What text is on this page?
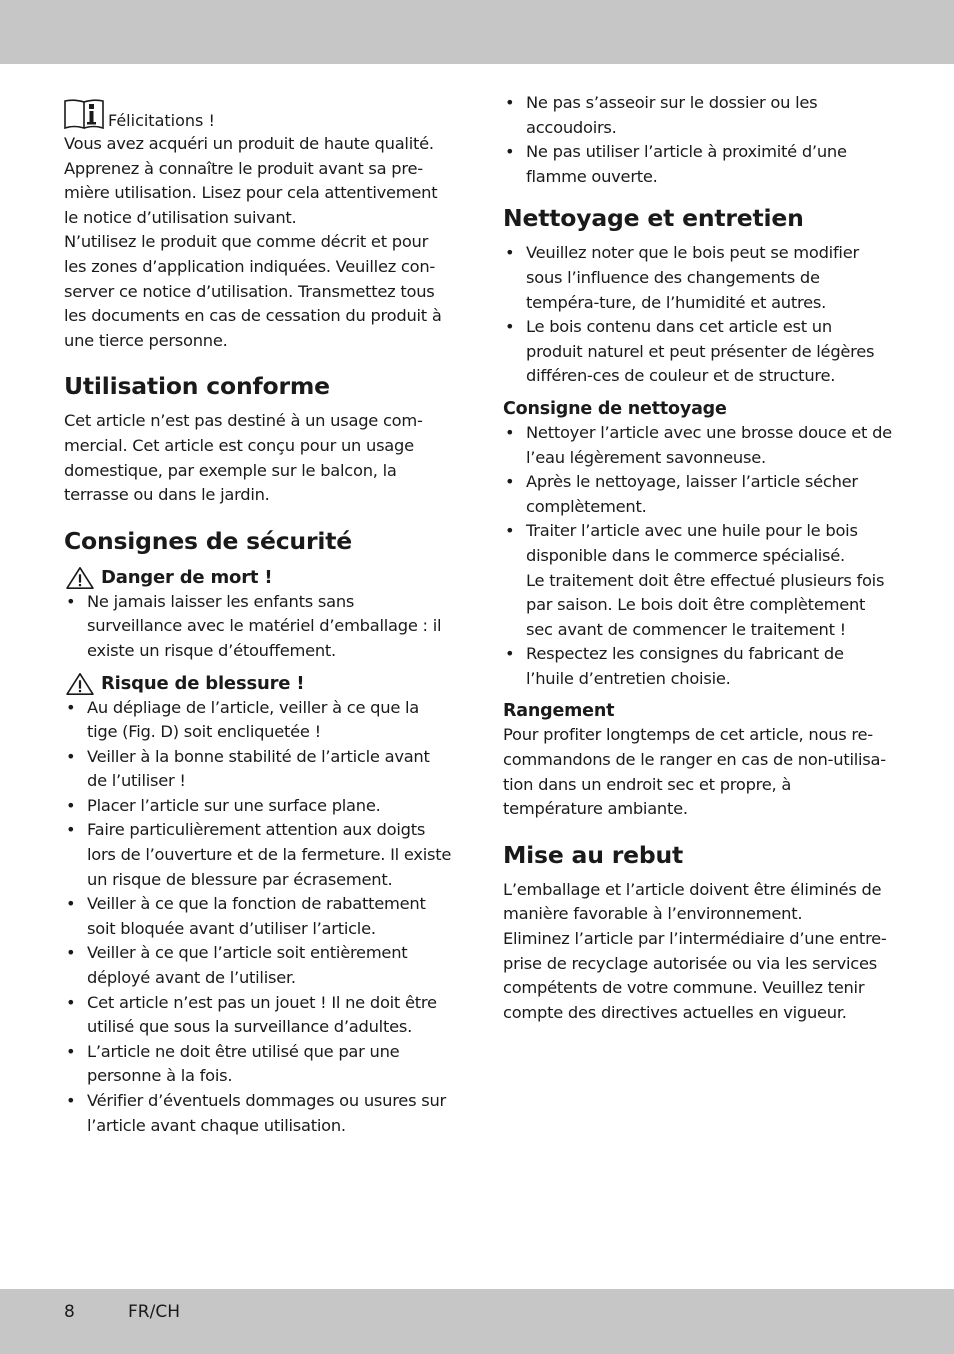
Félicitations !

Vous avez acquéri un produit de haute qualité. Apprenez à connaître le produit avant sa pre-mière utilisation. Lisez pour cela attentivement le notice d’utilisation suivant.

N’utilisez le produit que comme décrit et pour les zones d’application indiquées. Veuillez con-server ce notice d’utilisation. Transmettez tous les documents en cas de cessation du produit à une tierce personne.

Utilisation conforme

Cet article n’est pas destiné à un usage com-mercial. Cet article est conçu pour un usage domestique, par exemple sur le balcon, la terrasse ou dans le jardin.

Consignes de sécurité
Danger de mort !
• Ne jamais laisser les enfants sans surveillance avec le matériel d’emballage : il existe un risque d’étouffement.
Risque de blessure !
• Au dépliage de l’article, veiller à ce que la tige (Fig. D) soit encliquetée !
• Veiller à la bonne stabilité de l’article avant de l’utiliser !
• Placer l’article sur une surface plane.
• Faire particulièrement attention aux doigts lors de l’ouverture et de la fermeture. Il existe un risque de blessure par écrasement.
• Veiller à ce que la fonction de rabattement soit bloquée avant d’utiliser l’article.
• Veiller à ce que l’article soit entièrement déployé avant de l’utiliser.
• Cet article n’est pas un jouet ! Il ne doit être utilisé que sous la surveillance d’adultes.
• L’article ne doit être utilisé que par une personne à la fois.
• Vérifier d’éventuels dommages ou usures sur l’article avant chaque utilisation.
• Ne pas s’asseoir sur le dossier ou les accoudoirs.
• Ne pas utiliser l’article à proximité d’une flamme ouverte.
Nettoyage et entretien
• Veuillez noter que le bois peut se modifier sous l’influence des changements de tempéra-ture, de l’humidité et autres.
• Le bois contenu dans cet article est un produit naturel et peut présenter de légères différen-ces de couleur et de structure.
Consigne de nettoyage
• Nettoyer l’article avec une brosse douce et de l’eau légèrement savonneuse.
• Après le nettoyage, laisser l’article sécher complètement.
• Traiter l’article avec une huile pour le bois disponible dans le commerce spécialisé.
Le traitement doit être effectué plusieurs fois par saison. Le bois doit être complètement sec avant de commencer le traitement !
• Respectez les consignes du fabricant de l’huile d’entretien choisie.
Rangement

Pour profiter longtemps de cet article, nous re-commandons de le ranger en cas de non-utilisa-tion dans un endroit sec et propre, à température ambiante.

Mise au rebut

L’emballage et l’article doivent être éliminés de manière favorable à l’environnement.

Eliminez l’article par l’intermédiaire d’une entre-prise de recyclage autorisée ou via les services compétents de votre commune. Veuillez tenir compte des directives actuelles en vigueur.

8	FR/CH
